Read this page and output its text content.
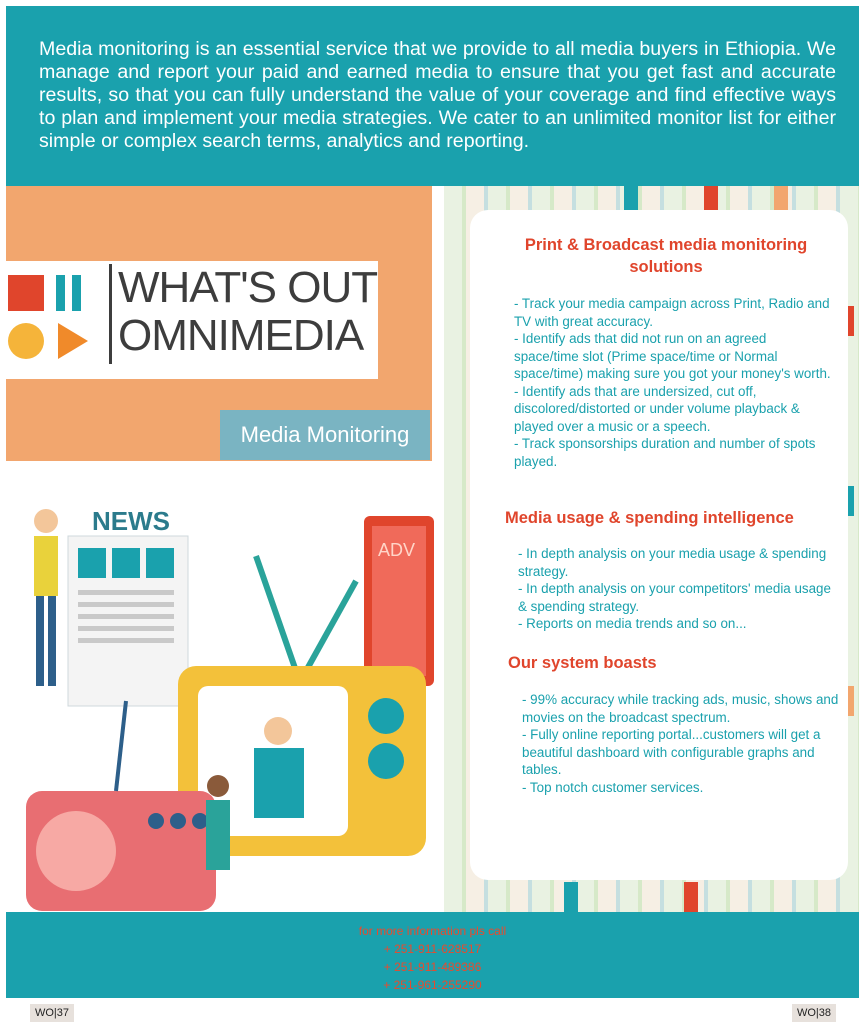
Media monitoring is an essential service that we provide to all media buyers in Ethiopia. We manage and report your paid and earned media to ensure that you get fast and accurate results, so that you can fully understand the value of your coverage and find effective ways to plan and implement your media strategies. We cater to an unlimited monitor list for either simple or complex search terms, analytics and reporting.

WHAT'S OUT
OMNIMEDIA
Media Monitoring
NEWS
ADV
Print & Broadcast media monitoring solutions
- Track your media campaign across Print, Radio and TV with great accuracy.
- Identify ads that did not run on an agreed space/time slot (Prime space/time or Normal space/time) making sure you got your money's worth.
- Identify ads that are undersized, cut off, discolored/distorted or under volume playback & played over a music or a speech.
- Track sponsorships duration and number of spots played.
Media usage & spending intelligence
- In depth analysis on your media usage & spending strategy.
- In depth analysis on your competitors' media usage & spending strategy.
- Reports on media trends and so on...
Our system boasts
- 99% accuracy while tracking ads, music, shows and movies on the broadcast spectrum.
- Fully online reporting portal...customers will get a beautiful dashboard with configurable graphs and tables.
- Top notch customer services.
for more information pls call
+ 251-911-628517
+ 251-911-489386
+ 251-961-255290
WO|37	WO|38
